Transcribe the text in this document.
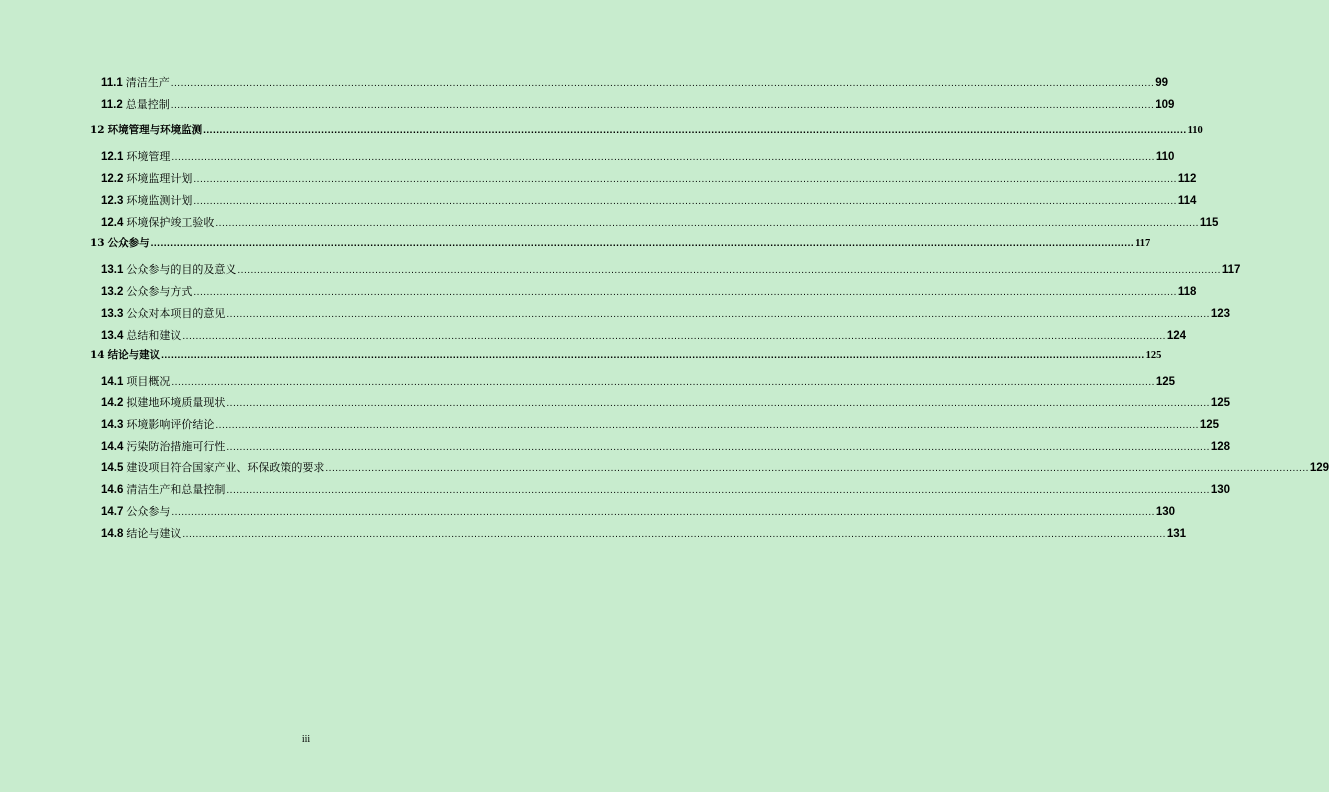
11.1 清洁生产 ............................................................................................................................................................................................................................................................................................................ 99
11.2 总量控制 ............................................................................................................................................................................................................................................................................................................ 109
12 环境管理与环境监测 ............................................................................................................................................................................................................................................................................................................ 110
12.1 环境管理 ............................................................................................................................................................................................................................................................................................................ 110
12.2 环境监理计划 ............................................................................................................................................................................................................................................................................................................ 112
12.3 环境监测计划 ............................................................................................................................................................................................................................................................................................................ 114
12.4 环境保护竣工验收 ............................................................................................................................................................................................................................................................................................................ 115
13 公众参与 ............................................................................................................................................................................................................................................................................................................ 117
13.1 公众参与的目的及意义 ............................................................................................................................................................................................................................................................................................................ 117
13.2 公众参与方式 ............................................................................................................................................................................................................................................................................................................ 118
13.3 公众对本项目的意见 ............................................................................................................................................................................................................................................................................................................ 123
13.4 总结和建议 ............................................................................................................................................................................................................................................................................................................ 124
14 结论与建议 ............................................................................................................................................................................................................................................................................................................ 125
14.1 项目概况 ............................................................................................................................................................................................................................................................................................................ 125
14.2 拟建地环境质量现状 ............................................................................................................................................................................................................................................................................................................ 125
14.3 环境影响评价结论 ............................................................................................................................................................................................................................................................................................................ 125
14.4 污染防治措施可行性 ............................................................................................................................................................................................................................................................................................................ 128
14.5 建设项目符合国家产业、环保政策的要求 ............................................................................................................................................................................................................................................................................................................ 129
14.6 清洁生产和总量控制 ............................................................................................................................................................................................................................................................................................................ 130
14.7 公众参与 ............................................................................................................................................................................................................................................................................................................ 130
14.8 结论与建议 ............................................................................................................................................................................................................................................................................................................ 131
iii
